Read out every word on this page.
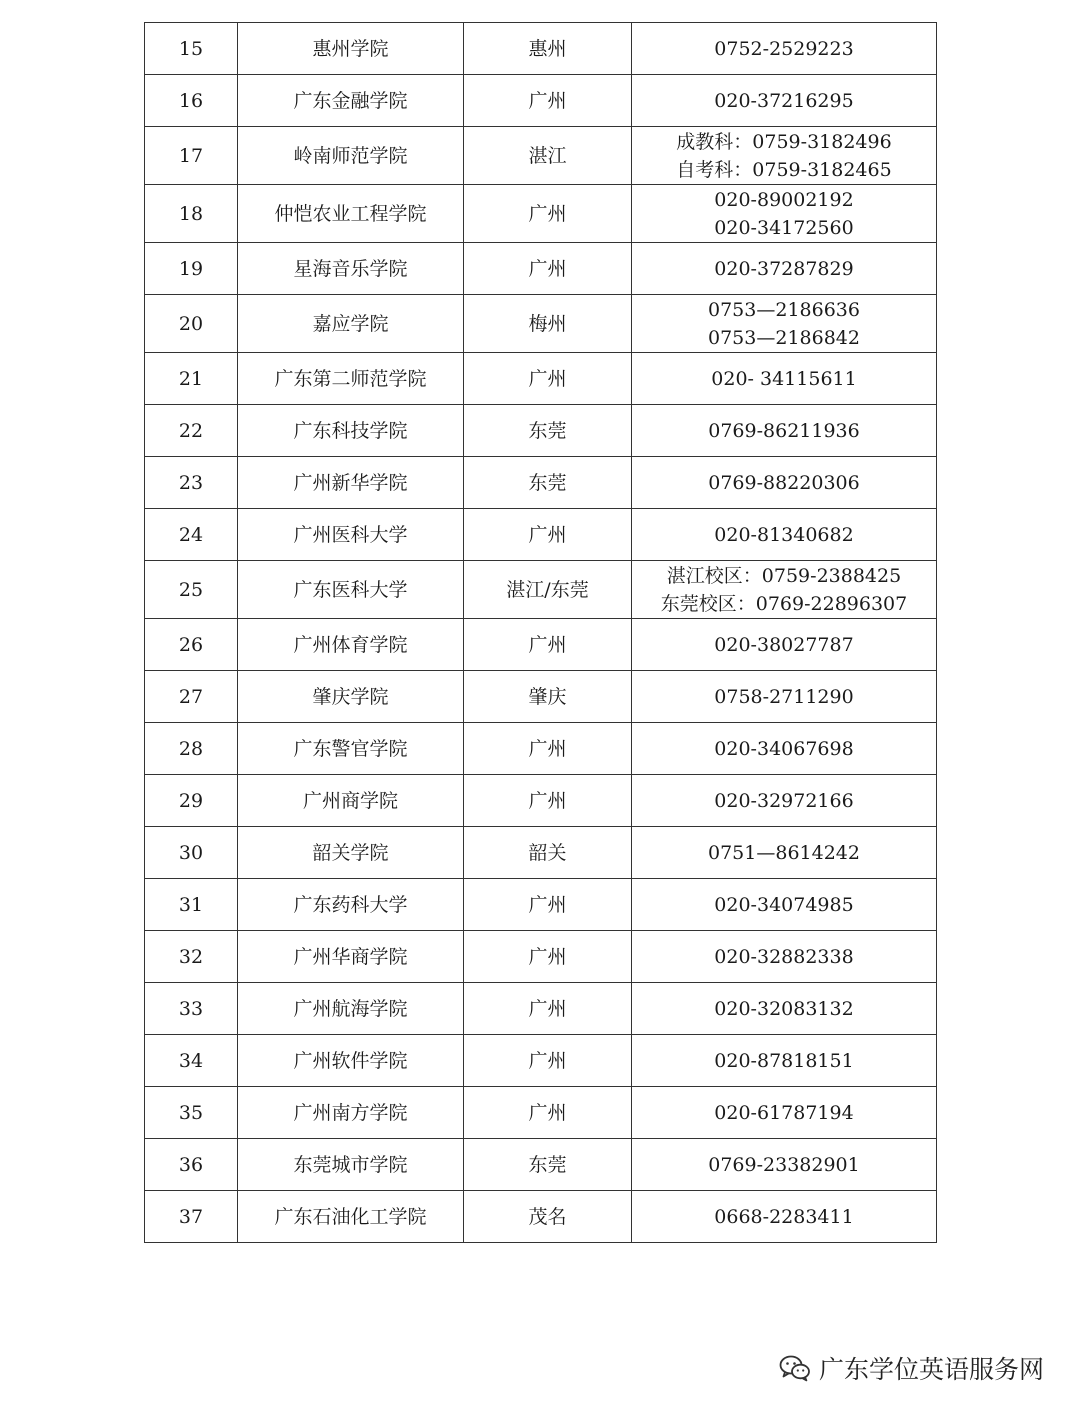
15	惠州学院	惠州	0752-2529223

16	广东金融学院	广州	020-37216295

17	岭南师范学院	湛江	成教科：0759-3182496
自考科：0759-3182465

18	仲恺农业工程学院	广州	020-89002192
020-34172560

19	星海音乐学院	广州	020-37287829

20	嘉应学院	梅州	0753—2186636
0753—2186842

21	广东第二师范学院	广州	020- 34115611

22	广东科技学院	东莞	0769-86211936

23	广州新华学院	东莞	0769-88220306

24	广州医科大学	广州	020-81340682

25	广东医科大学	湛江/东莞	湛江校区：0759-2388425
东莞校区：0769-22896307

26	广州体育学院	广州	020-38027787

27	肇庆学院	肇庆	0758-2711290

28	广东警官学院	广州	020-34067698

29	广州商学院	广州	020-32972166

30	韶关学院	韶关	0751—8614242

31	广东药科大学	广州	020-34074985

32	广州华商学院	广州	020-32882338

33	广州航海学院	广州	020-32083132

34	广州软件学院	广州	020-87818151

35	广州南方学院	广州	020-61787194

36	东莞城市学院	东莞	0769-23382901

37	广东石油化工学院	茂名	0668-2283411
广东学位英语服务网
